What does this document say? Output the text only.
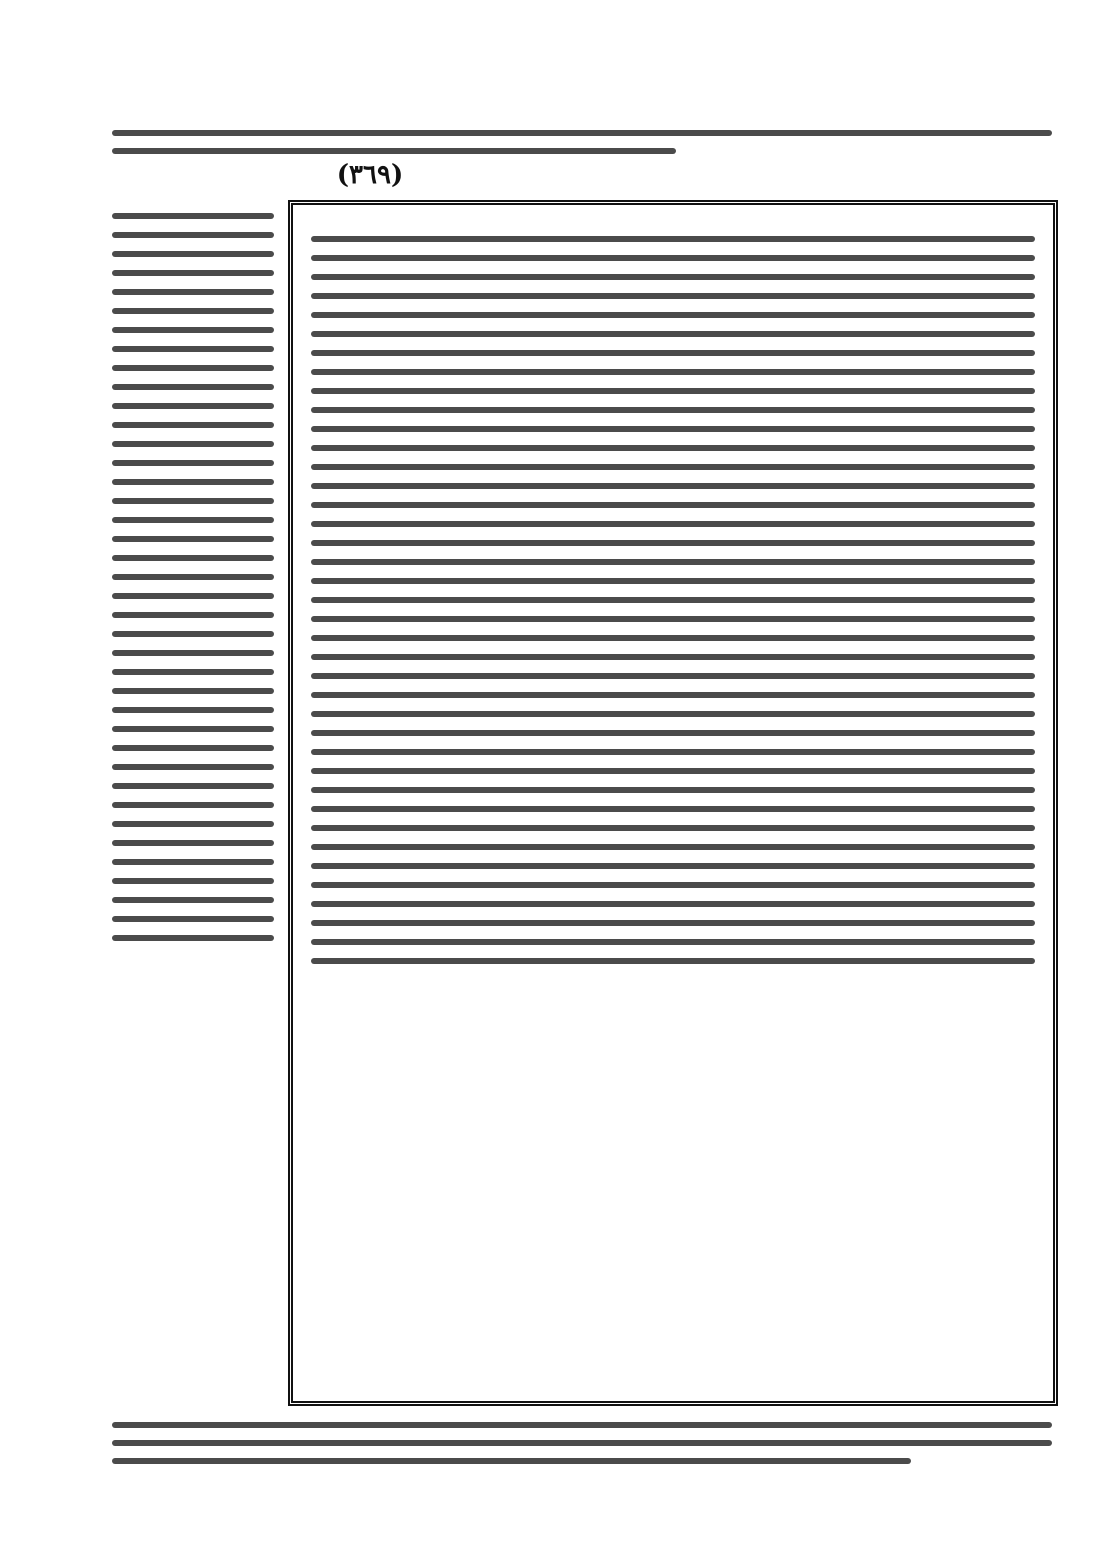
(٣٦٩)
